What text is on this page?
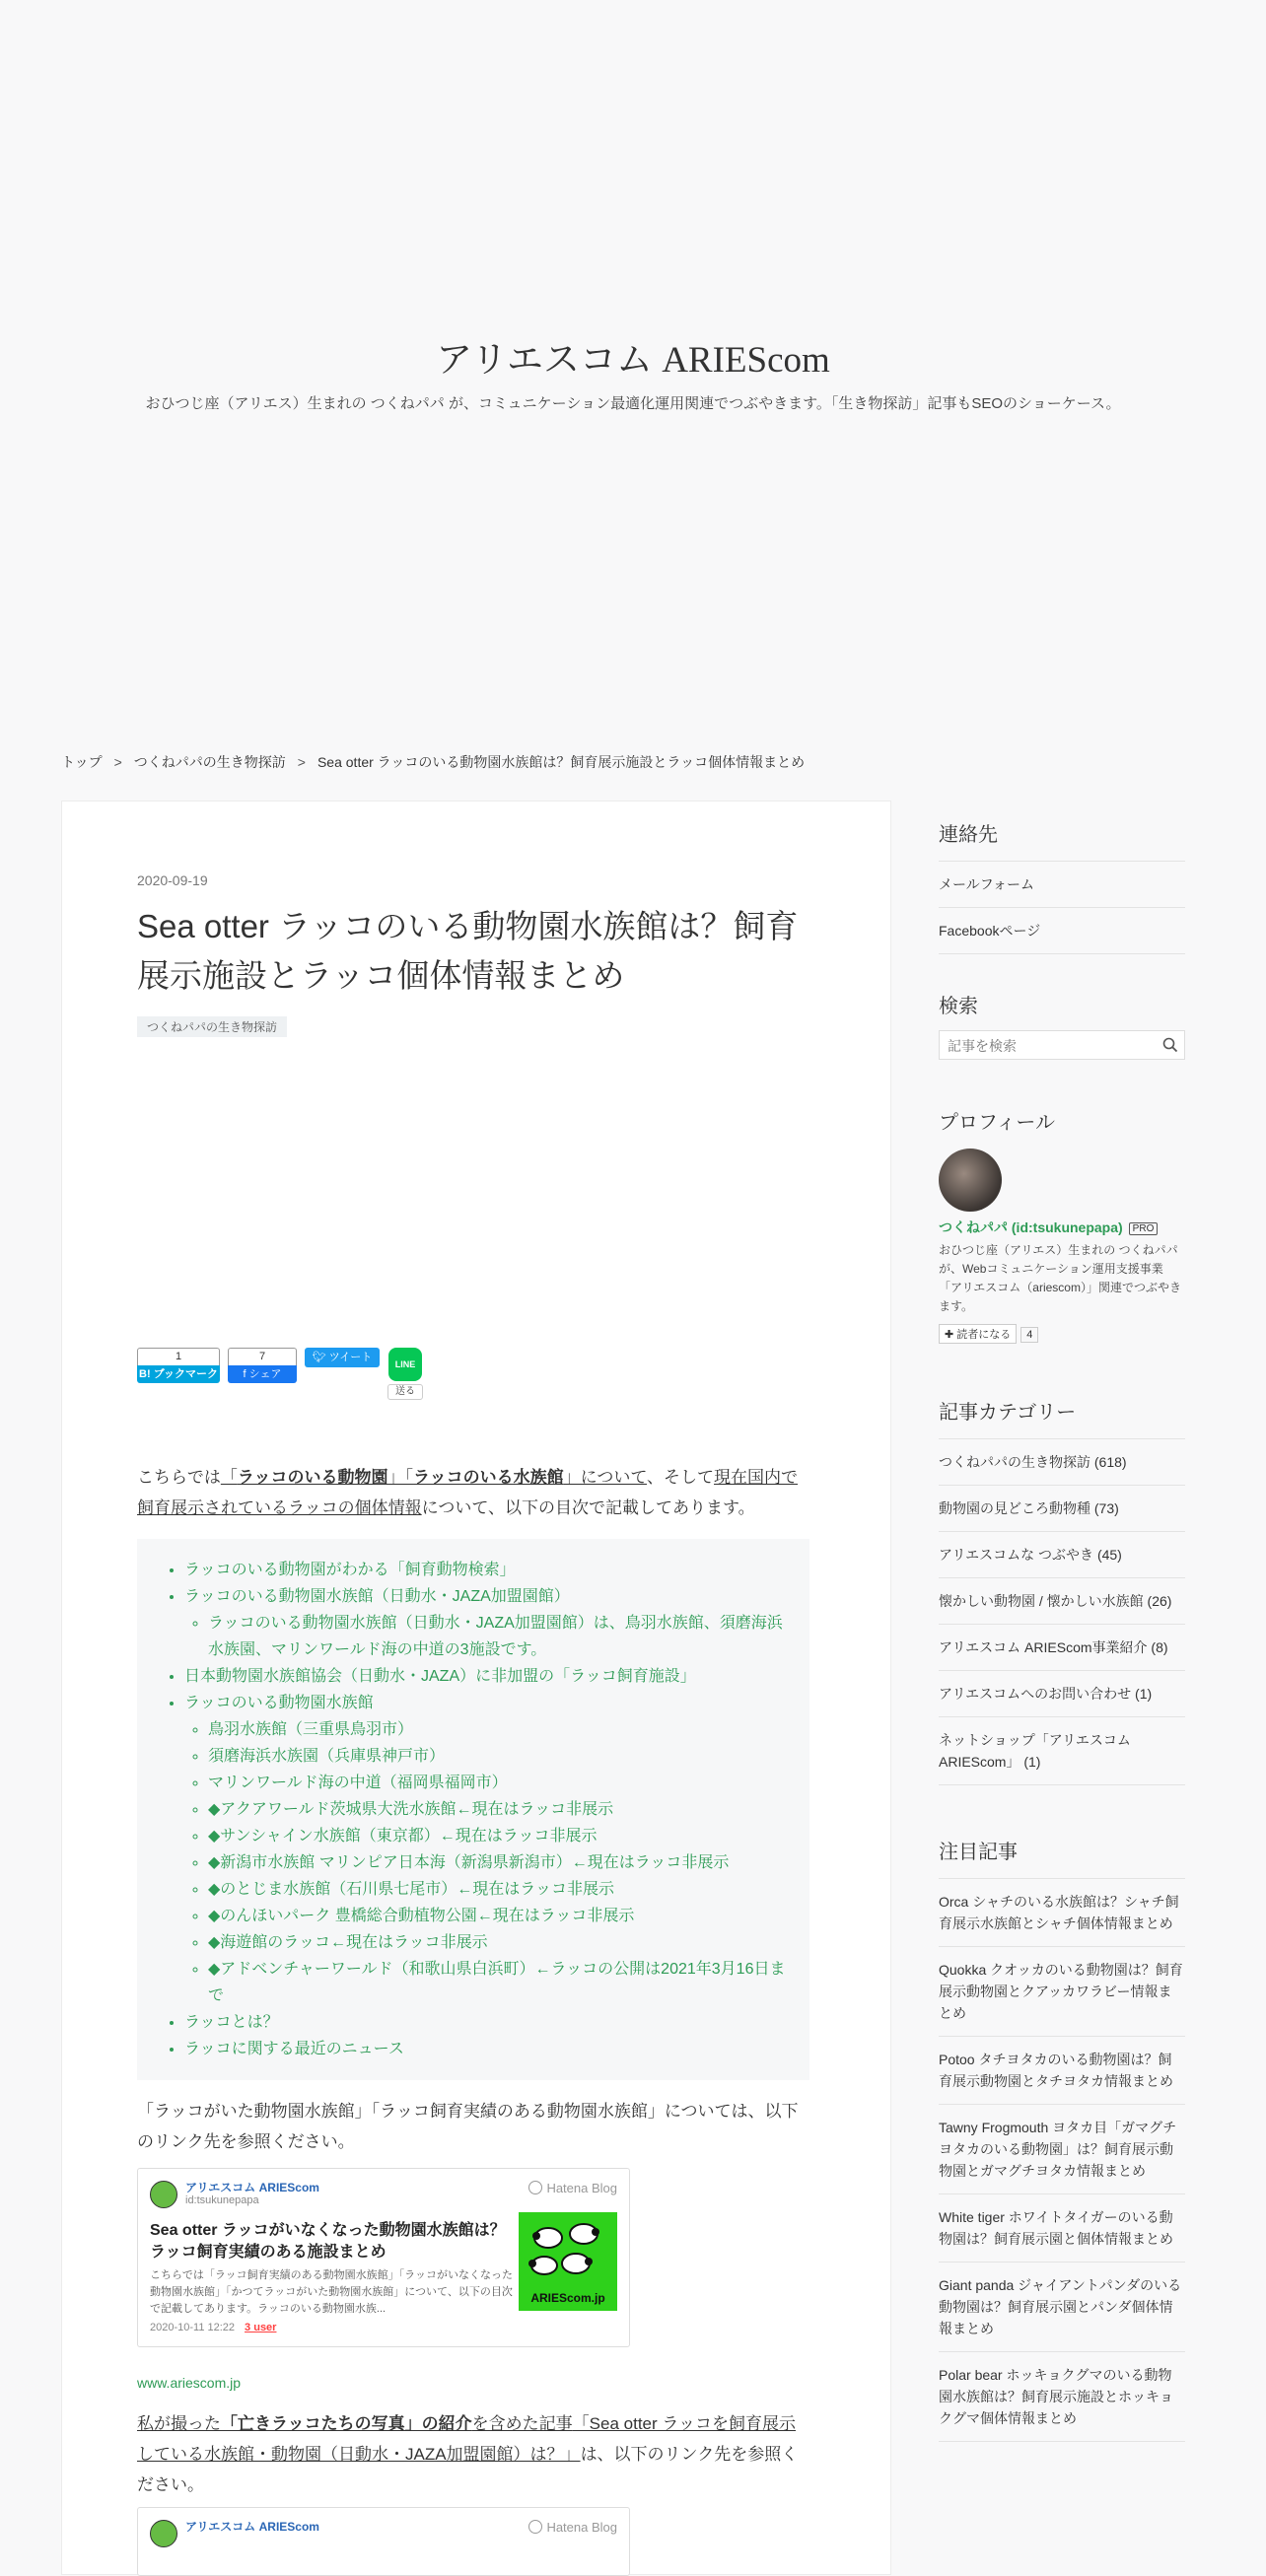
アリエスコム ARIEScom
おひつじ座（アリエス）生まれの つくねパパ が、コミュニケーション最適化運用関連でつぶやきます。「生き物探訪」記事もSEOのショーケース。
トップ > つくねパパの生き物探訪 > Sea otter ラッコのいる動物園水族館は？飼育展示施設とラッコ個体情報まとめ
2020-09-19
Sea otter ラッコのいる動物園水族館は？飼育展示施設とラッコ個体情報まとめ
つくねパパの生き物探訪
1
B! ブックマーク
7
f シェア
🐦︎ ツイート
LINE
送る
こちらでは「ラッコのいる動物園」「ラッコのいる水族館」について、そして現在国内で飼育展示されているラッコの個体情報について、以下の目次で記載してあります。
• ラッコのいる動物園がわかる「飼育動物検索」
• ラッコのいる動物園水族館（日動水・JAZA加盟園館）
◦ ラッコのいる動物園水族館（日動水・JAZA加盟園館）は、鳥羽水族館、須磨海浜水族園、マリンワールド海の中道の3施設です。
• 日本動物園水族館協会（日動水・JAZA）に非加盟の「ラッコ飼育施設」
• ラッコのいる動物園水族館
◦ 鳥羽水族館（三重県鳥羽市）
◦ 須磨海浜水族園（兵庫県神戸市）
◦ マリンワールド海の中道（福岡県福岡市）
◦ ◆アクアワールド茨城県大洗水族館←現在はラッコ非展示
◦ ◆サンシャイン水族館（東京都）←現在はラッコ非展示
◦ ◆新潟市水族館 マリンピア日本海（新潟県新潟市）←現在はラッコ非展示
◦ ◆のとじま水族館（石川県七尾市）←現在はラッコ非展示
◦ ◆のんほいパーク 豊橋総合動植物公園←現在はラッコ非展示
◦ ◆海遊館のラッコ←現在はラッコ非展示
◦ ◆アドベンチャーワールド（和歌山県白浜町）←ラッコの公開は2021年3月16日まで
• ラッコとは？
• ラッコに関する最近のニュース
「ラッコがいた動物園水族館」「ラッコ飼育実績のある動物園水族館」については、以下のリンク先を参照ください。
アリエスコム ARIEScom
id:tsukunepapa
Hatena Blog
Sea otter ラッコがいなくなった動物園水族館は？ラッコ飼育実績のある施設まとめ
こちらでは「ラッコ飼育実績のある動物園水族館」「ラッコがいなくなった動物園水族館」「かつてラッコがいた動物園水族館」について、以下の目次で記載してあります。ラッコのいる動物園水族...
2020-10-11 12:22 3 user
ARIEScom.jp
www.ariescom.jp
私が撮った「亡きラッコたちの写真」の紹介を含めた記事「Sea otter ラッコを飼育展示している水族館・動物園（日動水・JAZA加盟園館）は？」は、以下のリンク先を参照ください。
アリエスコム ARIEScom	Hatena Blog
連絡先
メールフォーム
Facebookページ
検索
記事を検索
プロフィール
つくねパパ (id:tsukunepapa) PRO
おひつじ座（アリエス）生まれの つくねパパ が、Webコミュニケーション運用支援事業「アリエスコム（ariescom）」関連でつぶやきます。
✚ 読者になる 4
記事カテゴリー
つくねパパの生き物探訪 (618)
動物園の見どころ動物種 (73)
アリエスコムな つぶやき (45)
懐かしい動物園 / 懐かしい水族館 (26)
アリエスコム ARIEScom事業紹介 (8)
アリエスコムへのお問い合わせ (1)
ネットショップ「アリエスコム ARIEScom」 (1)
注目記事
Orca シャチのいる水族館は？シャチ飼育展示水族館とシャチ個体情報まとめ
Quokka クオッカのいる動物園は？飼育展示動物園とクアッカワラビー情報まとめ
Potoo タチヨタカのいる動物園は？飼育展示動物園とタチヨタカ情報まとめ
Tawny Frogmouth ヨタカ目「ガマグチヨタカのいる動物園」は？飼育展示動物園とガマグチヨタカ情報まとめ
White tiger ホワイトタイガーのいる動物園は？飼育展示園と個体情報まとめ
Giant panda ジャイアントパンダのいる動物園は？飼育展示園とパンダ個体情報まとめ
Polar bear ホッキョクグマのいる動物園水族館は？飼育展示施設とホッキョクグマ個体情報まとめ
